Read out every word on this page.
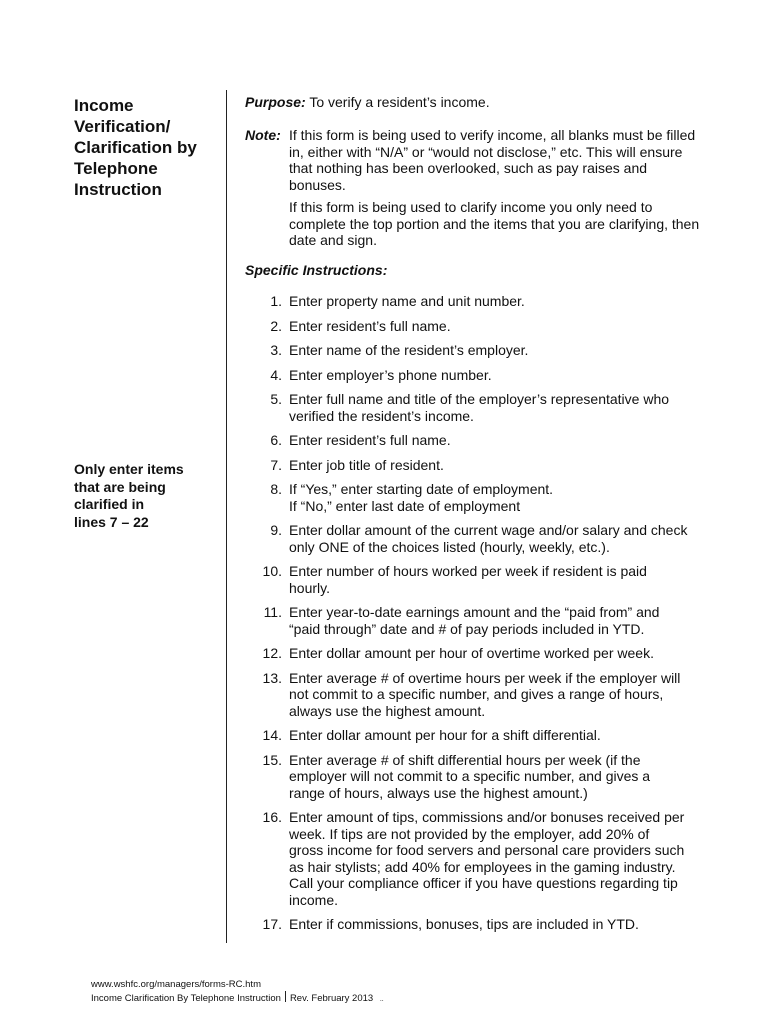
Income
Verification/
Clarification by
Telephone
Instruction
Only enter items
that are being
clarified in
lines 7 – 22
Purpose: To verify a resident’s income.
Note: If this form is being used to verify income, all blanks must be filled in, either with “N/A” or “would not disclose,” etc. This will ensure that nothing has been overlooked, such as pay raises and bonuses.

If this form is being used to clarify income you only need to complete the top portion and the items that you are clarifying, then date and sign.

Specific Instructions:
1. Enter property name and unit number.
2. Enter resident’s full name.
3. Enter name of the resident’s employer.
4. Enter employer’s phone number.
5. Enter full name and title of the employer’s representative who
verified the resident’s income.
6. Enter resident’s full name.
7. Enter job title of resident.
8. If “Yes,” enter starting date of employment.
If “No,” enter last date of employment
9. Enter dollar amount of the current wage and/or salary and check
only ONE of the choices listed (hourly, weekly, etc.).
10. Enter number of hours worked per week if resident is paid
hourly.
11. Enter year-to-date earnings amount and the “paid from” and
“paid through” date and # of pay periods included in YTD.
12. Enter dollar amount per hour of overtime worked per week.
13. Enter average # of overtime hours per week if the employer will
not commit to a specific number, and gives a range of hours,
always use the highest amount.
14. Enter dollar amount per hour for a shift differential.
15. Enter average # of shift differential hours per week (if the
employer will not commit to a specific number, and gives a
range of hours, always use the highest amount.)
16. Enter amount of tips, commissions and/or bonuses received per
week. If tips are not provided by the employer, add 20% of
gross income for food servers and personal care providers such
as hair stylists; add 40% for employees in the gaming industry.
Call your compliance officer if you have questions regarding tip
income.
17. Enter if commissions, bonuses, tips are included in YTD.
www.wshfc.org/managers/forms-RC.htm
Income Clarification By Telephone Instruction Rev. February 2013 ..
